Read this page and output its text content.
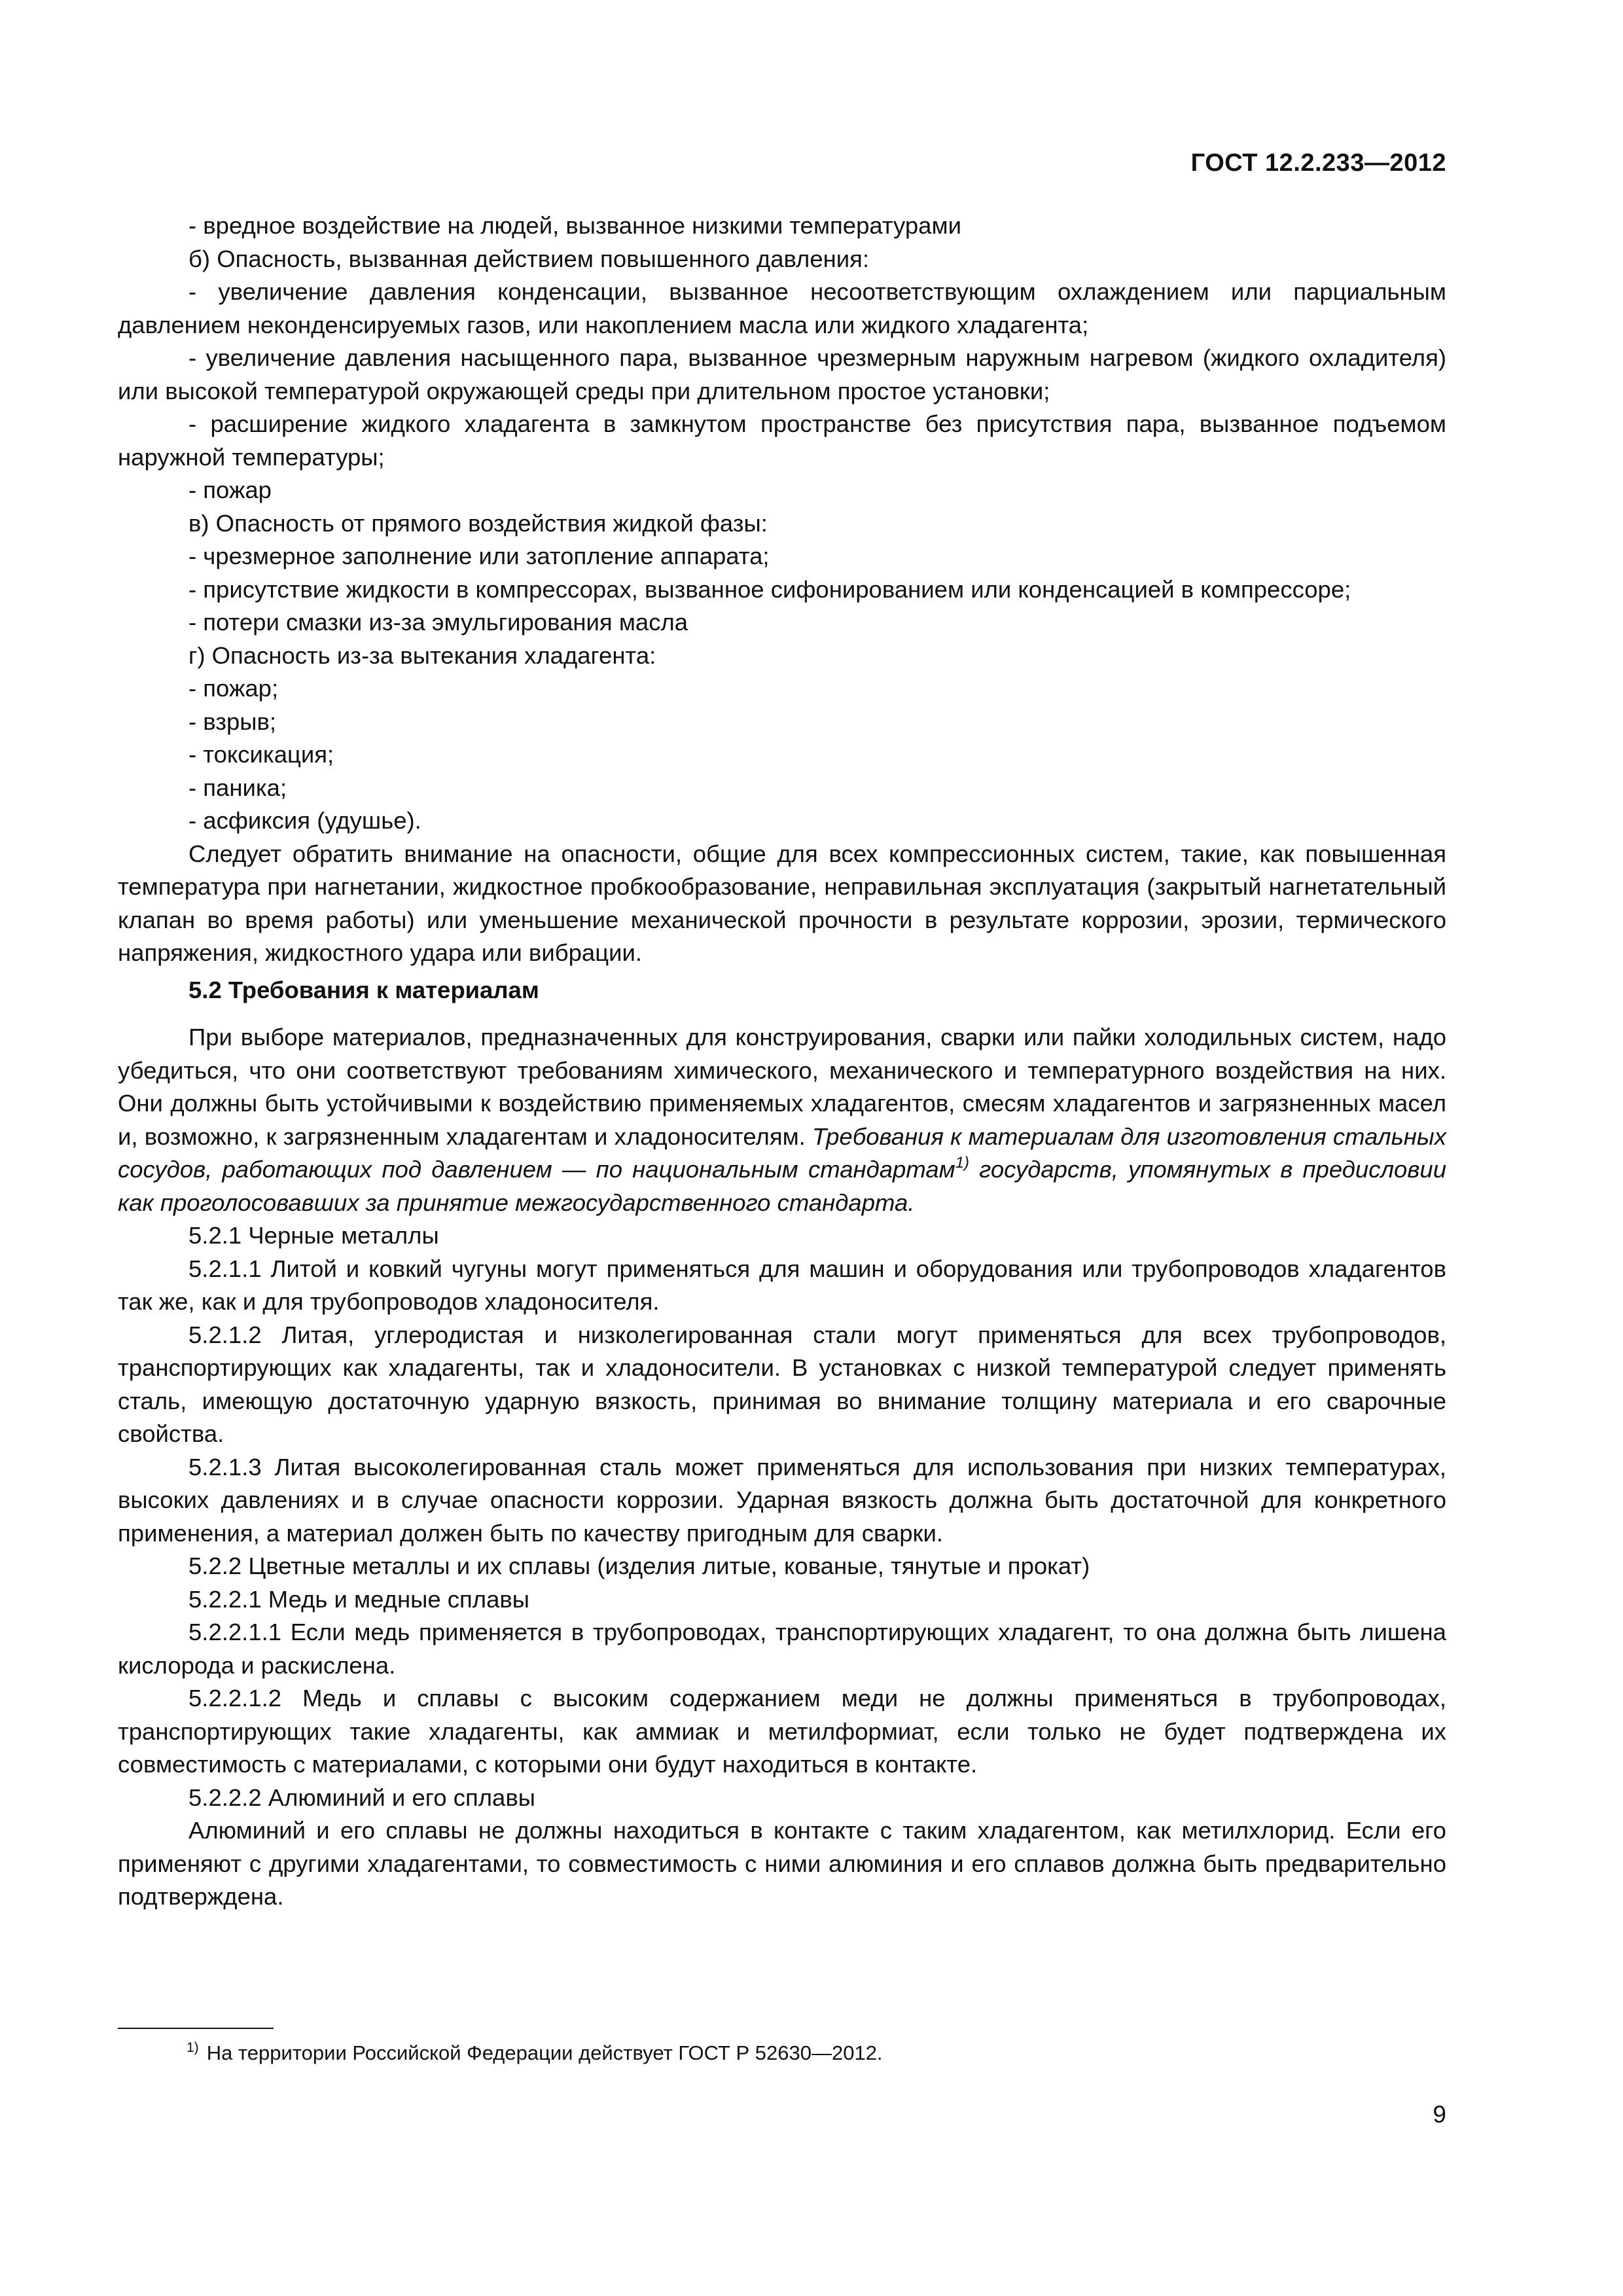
ГОСТ 12.2.233—2012

- вредное воздействие на людей, вызванное низкими температурами

б) Опасность, вызванная действием повышенного давления:

- увеличение давления конденсации, вызванное несоответствующим охлаждением или парциальным давлением неконденсируемых газов, или накоплением масла или жидкого хладагента;

- увеличение давления насыщенного пара, вызванное чрезмерным наружным нагревом (жидкого охладителя) или высокой температурой окружающей среды при длительном простое установки;

- расширение жидкого хладагента в замкнутом пространстве без присутствия пара, вызванное подъемом наружной температуры;

- пожар

в) Опасность от прямого воздействия жидкой фазы:

- чрезмерное заполнение или затопление аппарата;

- присутствие жидкости в компрессорах, вызванное сифонированием или конденсацией в компрессоре;

- потери смазки из-за эмульгирования масла

г) Опасность из-за вытекания хладагента:

- пожар;

- взрыв;

- токсикация;

- паника;

- асфиксия (удушье).

Следует обратить внимание на опасности, общие для всех компрессионных систем, такие, как повышенная температура при нагнетании, жидкостное пробкообразование, неправильная эксплуатация (закрытый нагнетательный клапан во время работы) или уменьшение механической прочности в результате коррозии, эрозии, термического напряжения, жидкостного удара или вибрации.

5.2 Требования к материалам

При выборе материалов, предназначенных для конструирования, сварки или пайки холодильных систем, надо убедиться, что они соответствуют требованиям химического, механического и температурного воздействия на них. Они должны быть устойчивыми к воздействию применяемых хладагентов, смесям хладагентов и загрязненных масел и, возможно, к загрязненным хладагентам и хладоносителям. Требования к материалам для изготовления стальных сосудов, работающих под давлением — по национальным стандартам$^{1)}$ государств, упомянутых в предисловии как проголосовавших за принятие межгосударственного стандарта.

5.2.1 Черные металлы

5.2.1.1 Литой и ковкий чугуны могут применяться для машин и оборудования или трубопроводов хладагентов так же, как и для трубопроводов хладоносителя.

5.2.1.2 Литая, углеродистая и низколегированная стали могут применяться для всех трубопроводов, транспортирующих как хладагенты, так и хладоносители. В установках с низкой температурой следует применять сталь, имеющую достаточную ударную вязкость, принимая во внимание толщину материала и его сварочные свойства.

5.2.1.3 Литая высоколегированная сталь может применяться для использования при низких температурах, высоких давлениях и в случае опасности коррозии. Ударная вязкость должна быть достаточной для конкретного применения, а материал должен быть по качеству пригодным для сварки.

5.2.2 Цветные металлы и их сплавы (изделия литые, кованые, тянутые и прокат)

5.2.2.1 Медь и медные сплавы

5.2.2.1.1 Если медь применяется в трубопроводах, транспортирующих хладагент, то она должна быть лишена кислорода и раскислена.

5.2.2.1.2 Медь и сплавы с высоким содержанием меди не должны применяться в трубопроводах, транспортирующих такие хладагенты, как аммиак и метилформиат, если только не будет подтверждена их совместимость с материалами, с которыми они будут находиться в контакте.

5.2.2.2 Алюминий и его сплавы

Алюминий и его сплавы не должны находиться в контакте с таким хладагентом, как метилхлорид. Если его применяют с другими хладагентами, то совместимость с ними алюминия и его сплавов должна быть предварительно подтверждена.

$^{1)}$ На территории Российской Федерации действует ГОСТ Р 52630—2012.
9
